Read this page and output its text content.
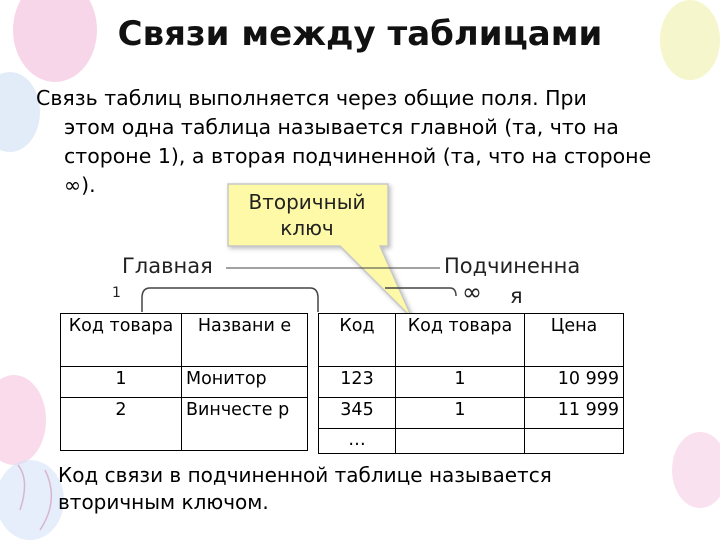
Связи между таблицами
Связь таблиц выполняется через общие поля. При
этом одна таблица называется главной (та, что на
стороне 1), а вторая подчиненной (та, что на стороне
∞).
Вторичный
ключ
Главная	Подчиненна
я
1	∞
Код товара	Названи е
1	Монитор
2	Винчесте р
Код	Код товара	Цена
123	1	10 999
345	1	11 999
…		
Код связи в подчиненной таблице называется
вторичным ключом.
